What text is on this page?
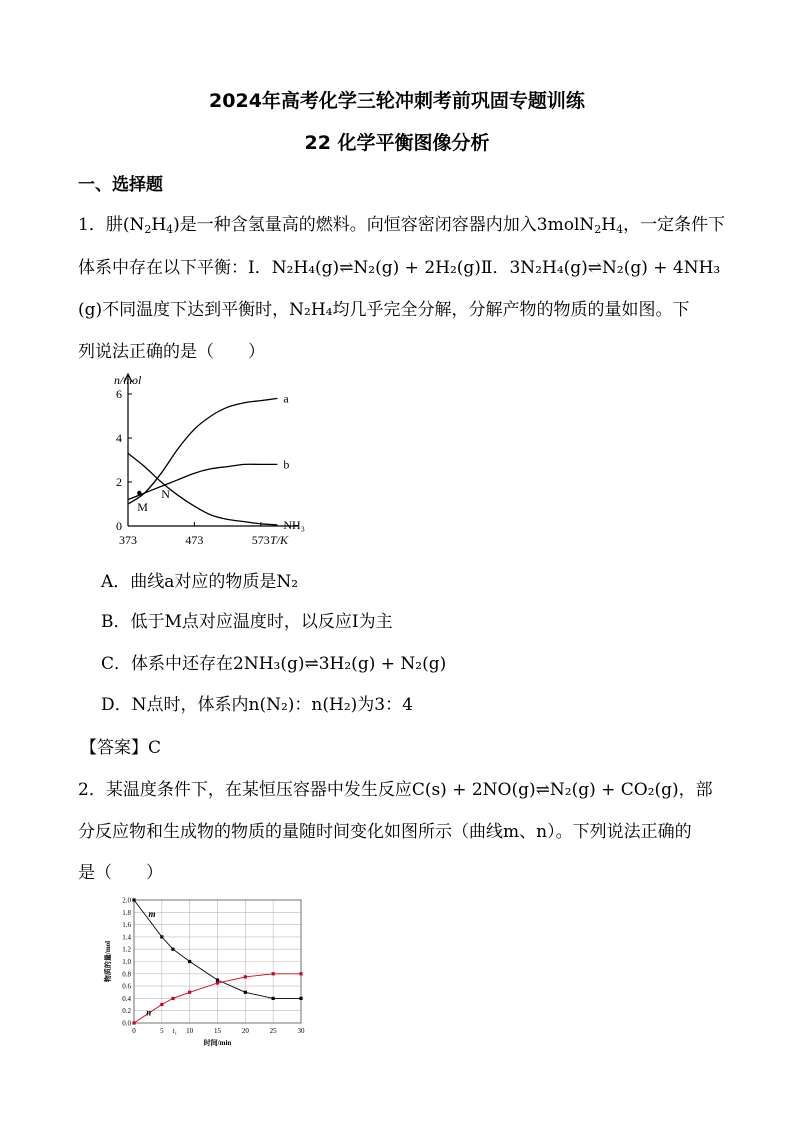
2024年高考化学三轮冲刺考前巩固专题训练
22 化学平衡图像分析
一、选择题
1．肼$(N_2H_4)$是一种含氢量高的燃料。向恒容密闭容器内加入$3molN_2H_4$，一定条件下
体系中存在以下平衡：Ⅰ．N₂H₄(g)⇌N₂(g) + 2H₂(g)Ⅱ．3N₂H₄(g)⇌N₂(g) + 4NH₃
(g)不同温度下达到平衡时，N₂H₄均几乎完全分解，分解产物的物质的量如图。下
列说法正确的是（　　）
0
2
4
6
373	473	573
n/mol
T/K
a
b
NH₃
M
N
A．曲线a对应的物质是N₂
B．低于M点对应温度时，以反应Ⅰ为主
C．体系中还存在2NH₃(g)⇌3H₂(g) + N₂(g)
D．N点时，体系内n(N₂)：n(H₂)为3：4
【答案】C
2．某温度条件下，在某恒压容器中发生反应C(s) + 2NO(g)⇌N₂(g) + CO₂(g)，部
分反应物和生成物的物质的量随时间变化如图所示（曲线m、n）。下列说法正确的
是（　　）
0.0
0.2
0.4
0.6
0.8
1.0
1.2
1.4
1.6
1.8
2.0
0	5	10	15	20	25	30
t₁
时间/min
物质的量/mol
m
n
